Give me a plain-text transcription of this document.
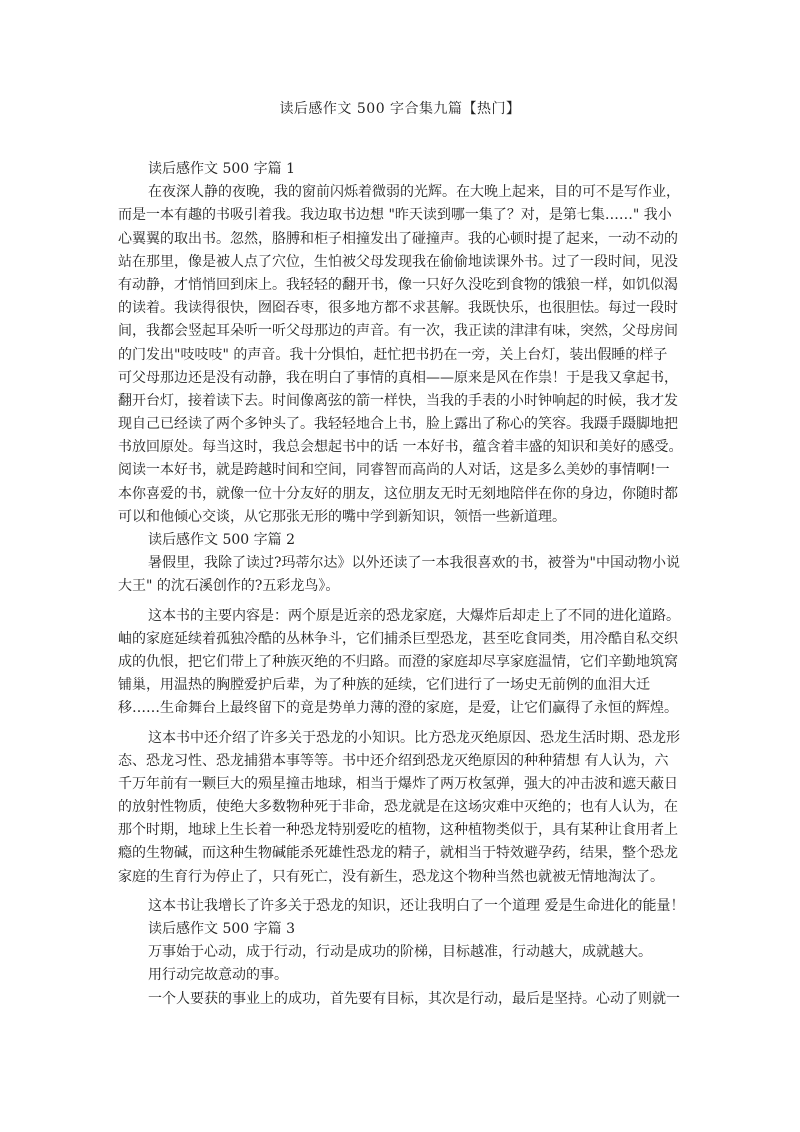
读后感作文 500 字合集九篇【热门】
读后感作文 500 字篇 1
在夜深人静的夜晚，我的窗前闪烁着微弱的光辉。在大晚上起来，目的可不是写作业，
而是一本有趣的书吸引着我。我边取书边想 "昨天读到哪一集了？对，是第七集……" 我小
心翼翼的取出书。忽然，胳膊和柜子相撞发出了碰撞声。我的心顿时提了起来，一动不动的
站在那里，像是被人点了穴位，生怕被父母发现我在偷偷地读课外书。过了一段时间，见没
有动静，才悄悄回到床上。我轻轻的翻开书，像一只好久没吃到食物的饿狼一样，如饥似渴
的读着。我读得很快，囫囵吞枣，很多地方都不求甚解。我既快乐，也很胆怯。每过一段时
间，我都会竖起耳朵听一听父母那边的声音。有一次，我正读的津津有味，突然，父母房间
的门发出"吱吱吱" 的声音。我十分惧怕，赶忙把书扔在一旁，关上台灯，装出假睡的样子
可父母那边还是没有动静，我在明白了事情的真相——原来是风在作祟！于是我又拿起书，
翻开台灯，接着读下去。时间像离弦的箭一样快，当我的手表的小时钟响起的时候，我才发
现自己已经读了两个多钟头了。我轻轻地合上书，脸上露出了称心的笑容。我蹑手蹑脚地把
书放回原处。每当这时，我总会想起书中的话 一本好书，蕴含着丰盛的知识和美好的感受。
阅读一本好书，就是跨越时间和空间，同睿智而高尚的人对话，这是多么美妙的事情啊!一
本你喜爱的书，就像一位十分友好的朋友，这位朋友无时无刻地陪伴在你的身边，你随时都
可以和他倾心交谈，从它那张无形的嘴中学到新知识，领悟一些新道理。
读后感作文 500 字篇 2
暑假里，我除了读过?玛蒂尔达》以外还读了一本我很喜欢的书，被誉为"中国动物小说
大王" 的沈石溪创作的?五彩龙鸟》。
这本书的主要内容是：两个原是近亲的恐龙家庭，大爆炸后却走上了不同的进化道路。
岫的家庭延续着孤独冷酷的丛林争斗，它们捕杀巨型恐龙，甚至吃食同类，用冷酷自私交织
成的仇恨，把它们带上了种族灭绝的不归路。而澄的家庭却尽享家庭温情，它们辛勤地筑窝
铺巢，用温热的胸膛爱护后辈，为了种族的延续，它们进行了一场史无前例的血泪大迁
移……生命舞台上最终留下的竟是势单力薄的澄的家庭，是爱，让它们赢得了永恒的辉煌。
这本书中还介绍了许多关于恐龙的小知识。比方恐龙灭绝原因、恐龙生活时期、恐龙形
态、恐龙习性、恐龙捕猎本事等等。书中还介绍到恐龙灭绝原因的种种猜想 有人认为，六
千万年前有一颗巨大的殒星撞击地球，相当于爆炸了两万枚氢弹，强大的冲击波和遮天蔽日
的放射性物质，使绝大多数物种死于非命，恐龙就是在这场灾难中灭绝的；也有人认为，在
那个时期，地球上生长着一种恐龙特别爱吃的植物，这种植物类似于，具有某种让食用者上
瘾的生物碱，而这种生物碱能杀死雄性恐龙的精子，就相当于特效避孕药，结果，整个恐龙
家庭的生育行为停止了，只有死亡，没有新生，恐龙这个物种当然也就被无情地淘汰了。
这本书让我增长了许多关于恐龙的知识，还让我明白了一个道理 爱是生命进化的能量！
读后感作文 500 字篇 3
万事始于心动，成于行动，行动是成功的阶梯，目标越准，行动越大，成就越大。
用行动完故意动的事。
一个人要获的事业上的成功，首先要有目标，其次是行动，最后是坚持。心动了则就一
